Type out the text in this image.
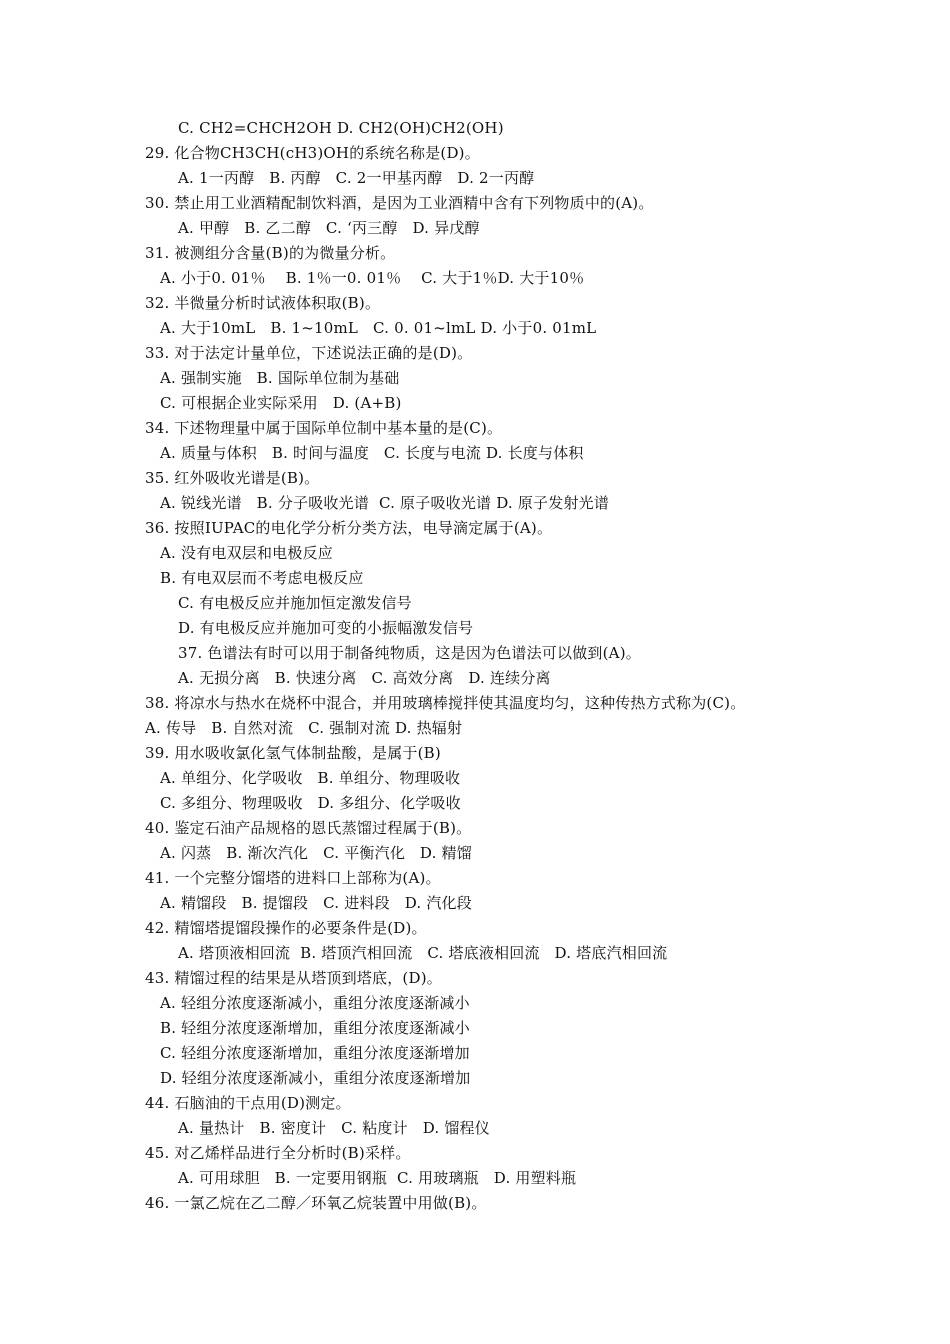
C. CH2=CHCH2OH D. CH2(OH)CH2(OH)
29. 化合物CH3CH(cH3)OH的系统名称是(D)。
A. 1一丙醇   B. 丙醇   C. 2一甲基丙醇   D. 2一丙醇
30. 禁止用工业酒精配制饮料酒，是因为工业酒精中含有下列物质中的(A)。
A. 甲醇   B. 乙二醇   C. ‘丙三醇   D. 异戊醇
31. 被测组分含量(B)的为微量分析。
A. 小于0. 01％    B. 1％一0. 01％    C. 大于1％D. 大于10％
32. 半微量分析时试液体积取(B)。
A. 大于10mL   B. 1~10mL   C. 0. 01~lmL D. 小于0. 01mL
33. 对于法定计量单位，下述说法正确的是(D)。
A. 强制实施   B. 国际单位制为基础
C. 可根据企业实际采用   D. (A+B)
34. 下述物理量中属于国际单位制中基本量的是(C)。
A. 质量与体积   B. 时间与温度   C. 长度与电流 D. 长度与体积
35. 红外吸收光谱是(B)。
A. 锐线光谱   B. 分子吸收光谱  C. 原子吸收光谱 D. 原子发射光谱
36. 按照IUPAC的电化学分析分类方法，电导滴定属于(A)。
A. 没有电双层和电极反应
B. 有电双层而不考虑电极反应
C. 有电极反应并施加恒定激发信号
D. 有电极反应并施加可变的小振幅激发信号
37. 色谱法有时可以用于制备纯物质，这是因为色谱法可以做到(A)。
A. 无损分离   B. 快速分离   C. 高效分离   D. 连续分离
38. 将凉水与热水在烧杯中混合，并用玻璃棒搅拌使其温度均匀，这种传热方式称为(C)。
A. 传导   B. 自然对流   C. 强制对流 D. 热辐射
39. 用水吸收氯化氢气体制盐酸，是属于(B)
A. 单组分、化学吸收   B. 单组分、物理吸收
C. 多组分、物理吸收   D. 多组分、化学吸收
40. 鉴定石油产品规格的恩氏蒸馏过程属于(B)。
A. 闪蒸   B. 渐次汽化   C. 平衡汽化   D. 精馏
41. 一个完整分馏塔的进料口上部称为(A)。
A. 精馏段   B. 提馏段   C. 进料段   D. 汽化段
42. 精馏塔提馏段操作的必要条件是(D)。
A. 塔顶液相回流  B. 塔顶汽相回流   C. 塔底液相回流   D. 塔底汽相回流
43. 精馏过程的结果是从塔顶到塔底，(D)。
A. 轻组分浓度逐渐减小，重组分浓度逐渐减小
B. 轻组分浓度逐渐增加，重组分浓度逐渐减小
C. 轻组分浓度逐渐增加，重组分浓度逐渐增加
D. 轻组分浓度逐渐减小，重组分浓度逐渐增加
44. 石脑油的干点用(D)测定。
A. 量热计   B. 密度计   C. 粘度计   D. 馏程仪
45. 对乙烯样品进行全分析时(B)采样。
A. 可用球胆   B. 一定要用钢瓶  C. 用玻璃瓶   D. 用塑料瓶
46. 一氯乙烷在乙二醇／环氧乙烷装置中用做(B)。
